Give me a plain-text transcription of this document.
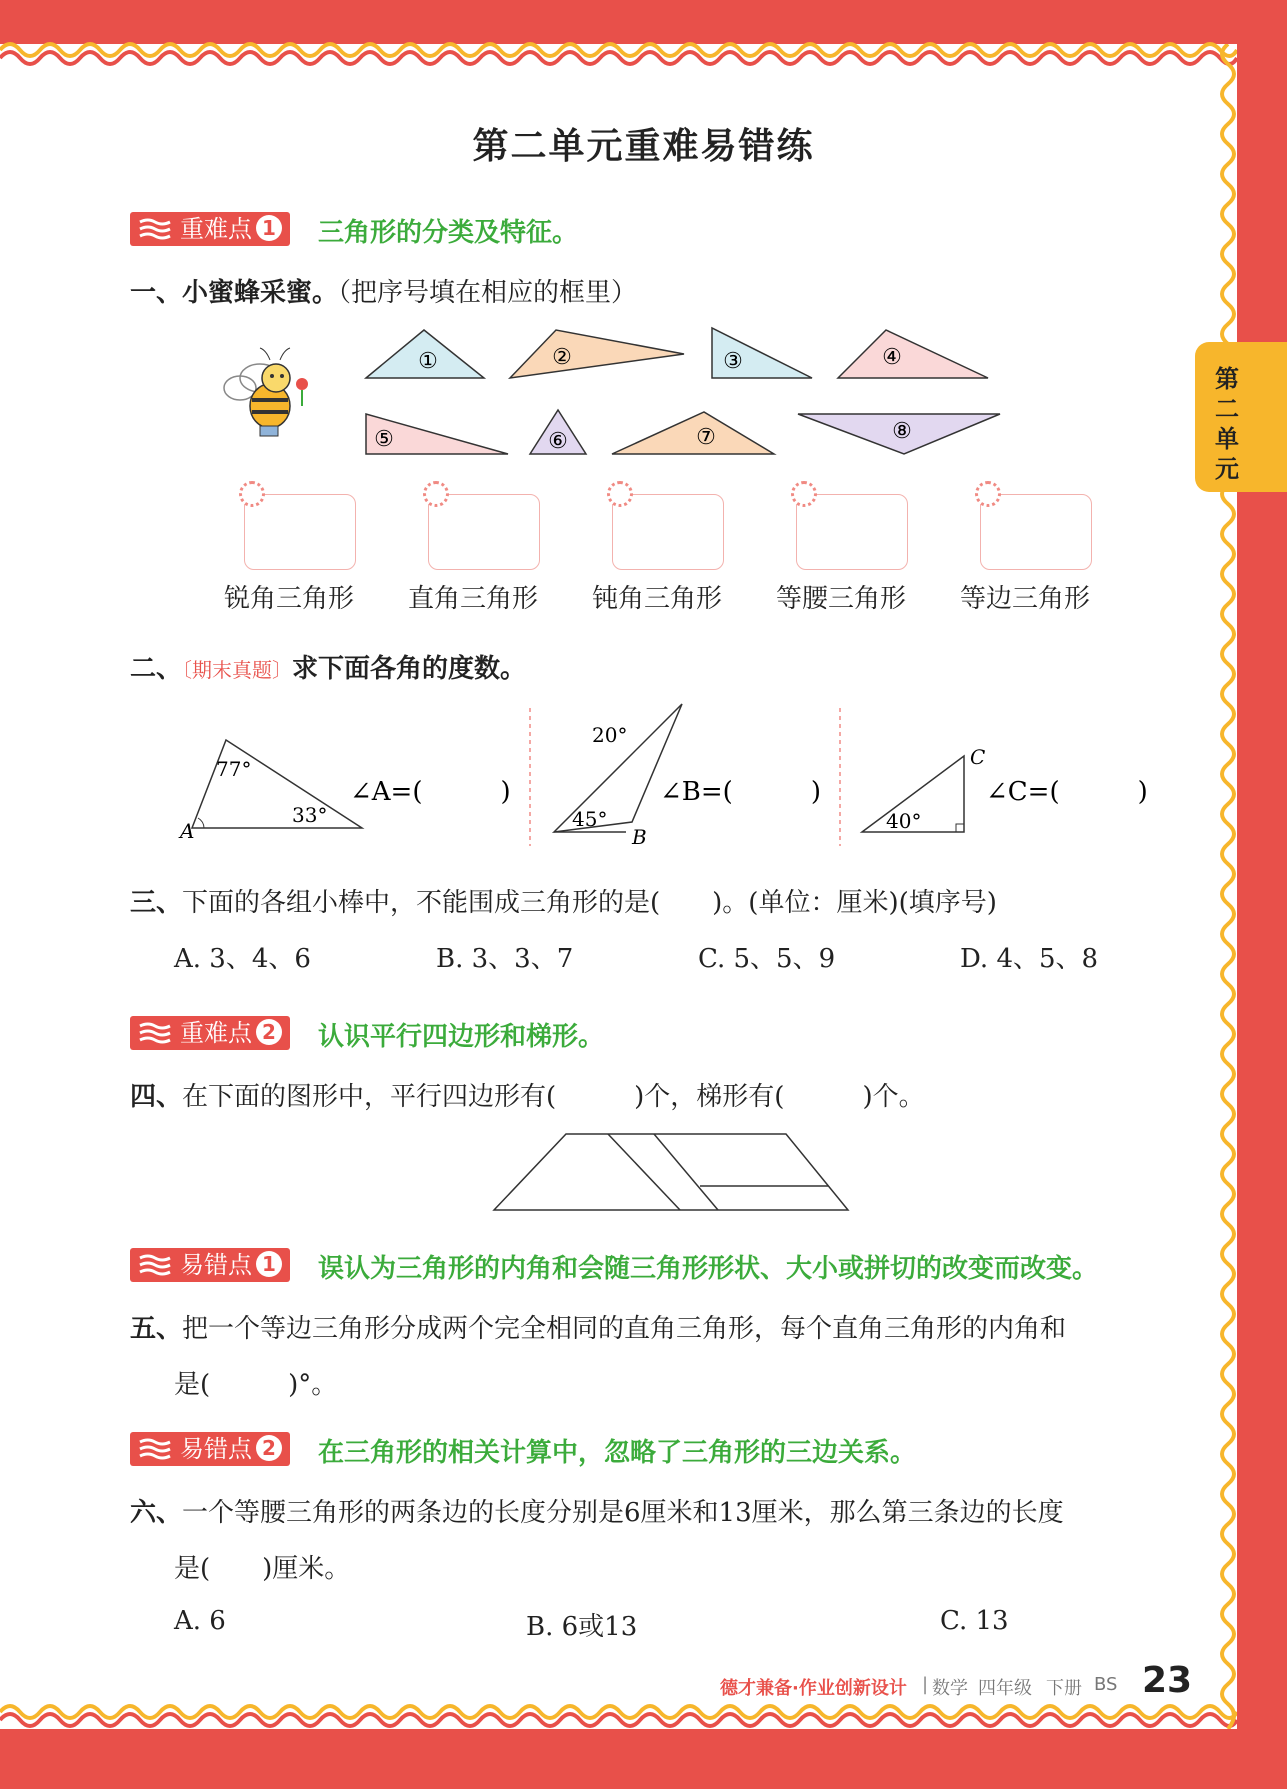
第二单元
第二单元重难易错练
重难点 1	三角形的分类及特征。
一、小蜜蜂采蜜。（把序号填在相应的框里）
①	②	③	④
⑤	⑥	⑦	⑧
锐角三角形 直角三角形 钝角三角形 等腰三角形 等边三角形
二、〔期末真题〕求下面各角的度数。
A
77°
33°
∠A=(　　　)
20°
45°
B
∠B=(　　　)
C
40°
∠C=(　　　)
三、下面的各组小棒中，不能围成三角形的是(　　)。(单位：厘米)(填序号)
A. 3、4、6	B. 3、3、7	C. 5、5、9	D. 4、5、8
重难点 2	认识平行四边形和梯形。
四、在下面的图形中，平行四边形有(　　　)个，梯形有(　　　)个。
易错点 1	误认为三角形的内角和会随三角形形状、大小或拼切的改变而改变。
五、把一个等边三角形分成两个完全相同的直角三角形，每个直角三角形的内角和
是(　　　)°。
易错点 2	在三角形的相关计算中，忽略了三角形的三边关系。
六、一个等腰三角形的两条边的长度分别是6厘米和13厘米，那么第三条边的长度
是(　　)厘米。
A. 6	B. 6或13	C. 13
德才兼备·作业创新设计 | 数学 四年级 下册 BS 23
